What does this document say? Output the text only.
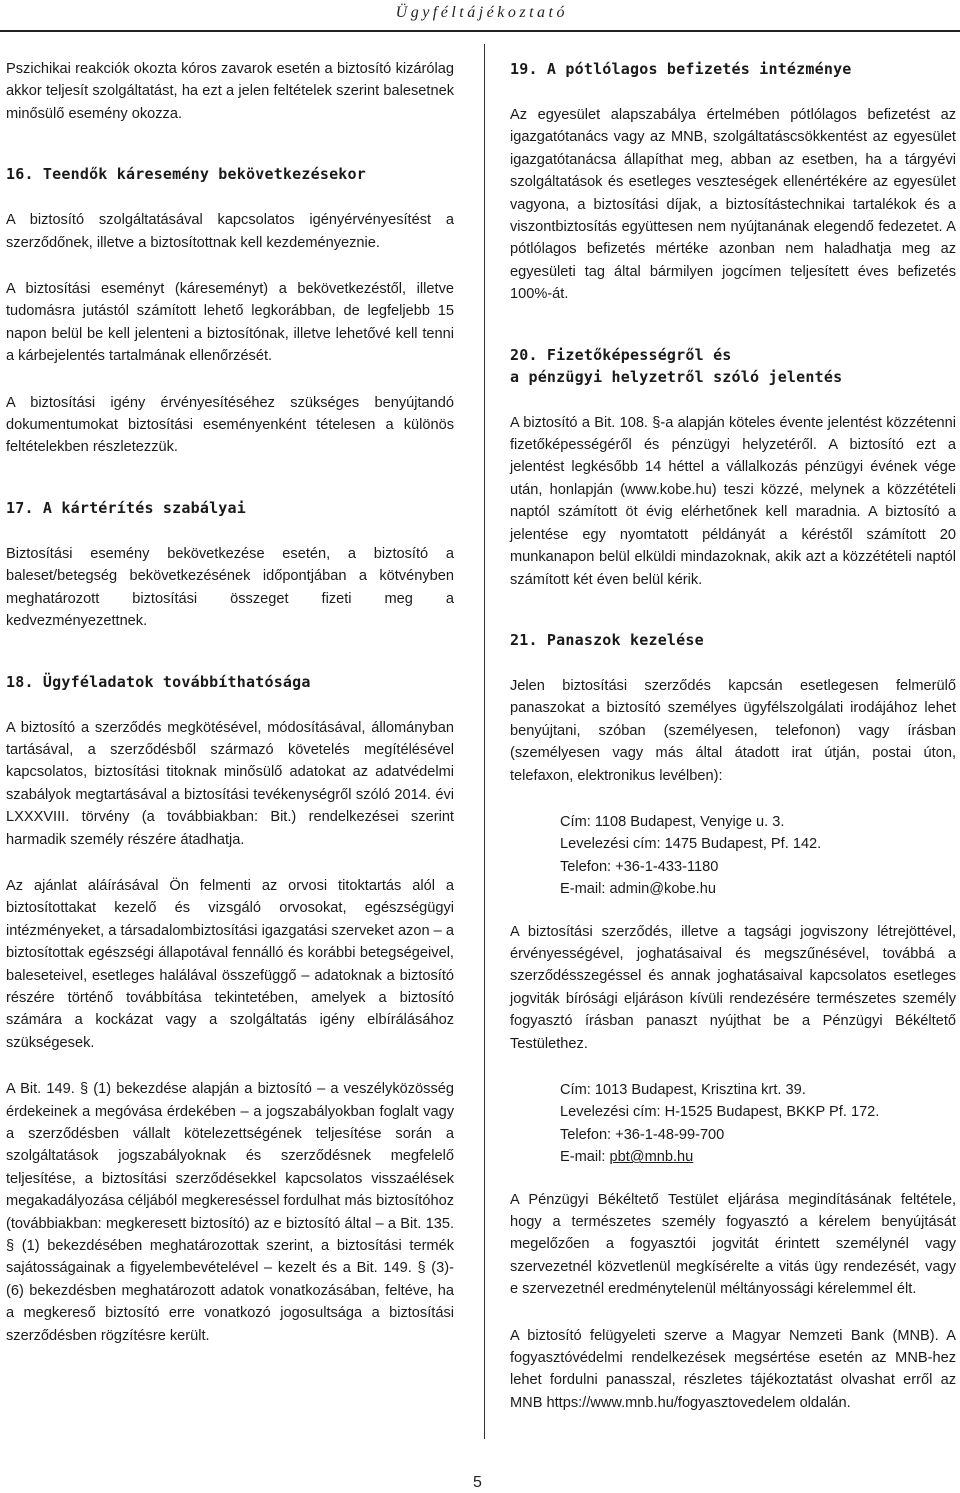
Ügyféltájékoztató

Pszichikai reakciók okozta kóros zavarok esetén a biztosító kizárólag akkor teljesít szolgáltatást, ha ezt a jelen feltételek szerint balesetnek minősülő esemény okozza.

16. Teendők káresemény bekövetkezésekor

A biztosító szolgáltatásával kapcsolatos igényérvényesítést a szerződőnek, illetve a biztosítottnak kell kezdeményeznie.

A biztosítási eseményt (káreseményt) a bekövetkezéstől, illetve tudomásra jutástól számított lehető legkorábban, de legfeljebb 15 napon belül be kell jelenteni a biztosítónak, illetve lehetővé kell tenni a kárbejelentés tartalmának ellenőrzését.

A biztosítási igény érvényesítéséhez szükséges benyújtandó dokumentumokat biztosítási eseményenként tételesen a különös feltételekben részletezzük.

17. A kártérítés szabályai

Biztosítási esemény bekövetkezése esetén, a biztosító a baleset/betegség bekövetkezésének időpontjában a kötvényben meghatározott biztosítási összeget fizeti meg a kedvezményezettnek.

18. Ügyféladatok továbbíthatósága

A biztosító a szerződés megkötésével, módosításával, állományban tartásával, a szerződésből származó követelés megítélésével kapcsolatos, biztosítási titoknak minősülő adatokat az adatvédelmi szabályok megtartásával a biztosítási tevékenységről szóló 2014. évi LXXXVIII. törvény (a továbbiakban: Bit.) rendelkezései szerint harmadik személy részére átadhatja.

Az ajánlat aláírásával Ön felmenti az orvosi titoktartás alól a biztosítottakat kezelő és vizsgáló orvosokat, egészségügyi intézményeket, a társadalombiztosítási igazgatási szerveket azon – a biztosítottak egészségi állapotával fennálló és korábbi betegségeivel, baleseteivel, esetleges halálával összefüggő – adatoknak a biztosító részére történő továbbítása tekintetében, amelyek a biztosító számára a kockázat vagy a szolgáltatás igény elbírálásához szükségesek.

A Bit. 149. § (1) bekezdése alapján a biztosító – a veszélyközösség érdekeinek a megóvása érdekében – a jogszabályokban foglalt vagy a szerződésben vállalt kötelezettségének teljesítése során a szolgáltatások jogszabályoknak és szerződésnek megfelelő teljesítése, a biztosítási szerződésekkel kapcsolatos visszaélések megakadályozása céljából megkereséssel fordulhat más biztosítóhoz (továbbiakban: megkeresett biztosító) az e biztosító által – a Bit. 135. § (1) bekezdésében meghatározottak szerint, a biztosítási termék sajátosságainak a figyelembevételével – kezelt és a Bit. 149. § (3)-(6) bekezdésben meghatározott adatok vonatkozásában, feltéve, ha a megkereső biztosító erre vonatkozó jogosultsága a biztosítási szerződésben rögzítésre került.

19. A pótlólagos befizetés intézménye

Az egyesület alapszabálya értelmében pótlólagos befizetést az igazgatótanács vagy az MNB, szolgáltatáscsökkentést az egyesület igazgatótanácsa állapíthat meg, abban az esetben, ha a tárgyévi szolgáltatások és esetleges veszteségek ellenértékére az egyesület vagyona, a biztosítási díjak, a biztosítástechnikai tartalékok és a viszontbiztosítás együttesen nem nyújtanának elegendő fedezetet. A pótlólagos befizetés mértéke azonban nem haladhatja meg az egyesületi tag által bármilyen jogcímen teljesített éves befizetés 100%-át.

20. Fizetőképességről és
a pénzügyi helyzetről szóló jelentés

A biztosító a Bit. 108. §-a alapján köteles évente jelentést közzétenni fizetőképességéről és pénzügyi helyzetéről. A biztosító ezt a jelentést legkésőbb 14 héttel a vállalkozás pénzügyi évének vége után, honlapján (www.kobe.hu) teszi közzé, melynek a közzétételi naptól számított öt évig elérhetőnek kell maradnia. A biztosító a jelentése egy nyomtatott példányát a kéréstől számított 20 munkanapon belül elküldi mindazoknak, akik azt a közzétételi naptól számított két éven belül kérik.

21. Panaszok kezelése

Jelen biztosítási szerződés kapcsán esetlegesen felmerülő panaszokat a biztosító személyes ügyfélszolgálati irodájához lehet benyújtani, szóban (személyesen, telefonon) vagy írásban (személyesen vagy más által átadott irat útján, postai úton, telefaxon, elektronikus levélben):

Cím: 1108 Budapest, Venyige u. 3.
Levelezési cím: 1475 Budapest, Pf. 142.
Telefon: +36-1-433-1180
E-mail: admin@kobe.hu

A biztosítási szerződés, illetve a tagsági jogviszony létrejöttével, érvényességével, joghatásaival és megszűnésével, továbbá a szerződésszegéssel és annak joghatásaival kapcsolatos esetleges jogviták bírósági eljáráson kívüli rendezésére természetes személy fogyasztó írásban panaszt nyújthat be a Pénzügyi Békéltető Testülethez.

Cím: 1013 Budapest, Krisztina krt. 39.
Levelezési cím: H-1525 Budapest, BKKP Pf. 172.
Telefon: +36-1-48-99-700
E-mail: pbt@mnb.hu

A Pénzügyi Békéltető Testület eljárása megindításának feltétele, hogy a természetes személy fogyasztó a kérelem benyújtását megelőzően a fogyasztói jogvitát érintett személynél vagy szervezetnél közvetlenül megkísérelte a vitás ügy rendezését, vagy e szervezetnél eredménytelenül méltányossági kérelemmel élt.

A biztosító felügyeleti szerve a Magyar Nemzeti Bank (MNB). A fogyasztóvédelmi rendelkezések megsértése esetén az MNB-hez lehet fordulni panasszal, részletes tájékoztatást olvashat erről az MNB https://www.mnb.hu/fogyasztovedelem oldalán.

5
